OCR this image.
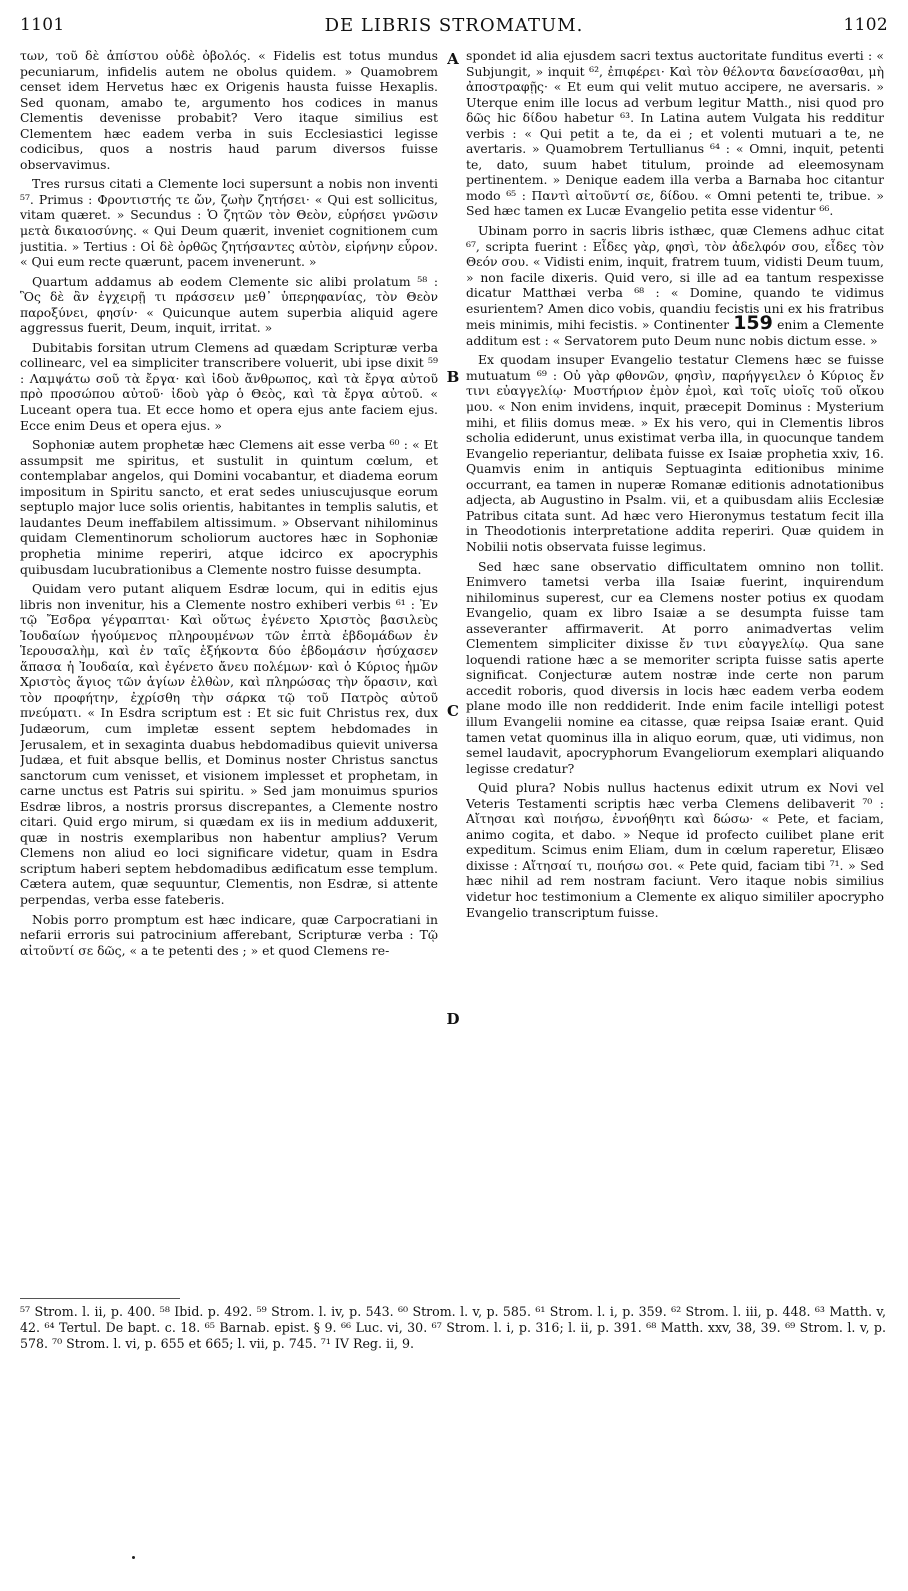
1101	DE LIBRIS STROMATUM.	1102

των, τοῦ δὲ ἀπίστου οὐδὲ ὀβολός. « Fidelis est totus mundus pecuniarum, infidelis autem ne obolus quidem. » Quamobrem censet idem Hervetus hæc ex Origenis hausta fuisse Hexaplis. Sed quonam, amabo te, argumento hos codices in manus Clementis devenisse probabit? Vero itaque similius est Clementem hæc eadem verba in suis Ecclesiastici legisse codicibus, quos a nostris haud parum diversos fuisse observavimus.

Tres rursus citati a Clemente loci supersunt a nobis non inventi ⁵⁷. Primus : Φροντιστής τε ὤν, ζωὴν ζητήσει· « Qui est sollicitus, vitam quæret. » Secundus : Ὁ ζητῶν τὸν Θεὸν, εὑρήσει γνῶσιν μετὰ δικαιοσύνης. « Qui Deum quærit, inveniet cognitionem cum justitia. » Tertius : Οἱ δὲ ὀρθῶς ζητήσαντες αὐτὸν, εἰρήνην εὗρον. « Qui eum recte quærunt, pacem invenerunt. »

Quartum addamus ab eodem Clemente sic alibi prolatum ⁵⁸ : Ὃς δὲ ἂν ἐγχειρῇ τι πράσσειν μεθ᾽ ὑπερηφανίας, τὸν Θεὸν παροξύνει, φησίν· « Quicunque autem superbia aliquid agere aggressus fuerit, Deum, inquit, irritat. »

Dubitabis forsitan utrum Clemens ad quædam Scripturæ verba collinearc, vel ea simpliciter transcribere voluerit, ubi ipse dixit ⁵⁹ : Λαμψάτω σοῦ τὰ ἔργα· καὶ ἰδοὺ ἄνθρωπος, καὶ τὰ ἔργα αὐτοῦ πρὸ προσώπου αὐτοῦ· ἰδοὺ γὰρ ὁ Θεὸς, καὶ τὰ ἔργα αὐτοῦ. « Luceant opera tua. Et ecce homo et opera ejus ante faciem ejus. Ecce enim Deus et opera ejus. »

Sophoniæ autem prophetæ hæc Clemens ait esse verba ⁶⁰ : « Et assumpsit me spiritus, et sustulit in quintum cœlum, et contemplabar angelos, qui Domini vocabantur, et diadema eorum impositum in Spiritu sancto, et erat sedes uniuscujusque eorum septuplo major luce solis orientis, habitantes in templis salutis, et laudantes Deum ineffabilem altissimum. » Observant nihilominus quidam Clementinorum scholiorum auctores hæc in Sophoniæ prophetia minime reperiri, atque idcirco ex apocryphis quibusdam lucubrationibus a Clemente nostro fuisse desumpta.

Quidam vero putant aliquem Esdræ locum, qui in editis ejus libris non invenitur, his a Clemente nostro exhiberi verbis ⁶¹ : Ἐν τῷ Ἔσδρα γέγραπται· Καὶ οὕτως ἐγένετο Χριστὸς βασιλεὺς Ἰουδαίων ἡγούμενος πληρουμένων τῶν ἑπτὰ ἑβδομάδων ἐν Ἱερουσαλὴμ, καὶ ἐν ταῖς ἑξήκοντα δύο ἑβδομάσιν ἡσύχασεν ἅπασα ἡ Ἰουδαία, καὶ ἐγένετο ἄνευ πολέμων· καὶ ὁ Κύριος ἡμῶν Χριστὸς ἅγιος τῶν ἁγίων ἐλθὼν, καὶ πληρώσας τὴν ὅρασιν, καὶ τὸν προφήτην, ἐχρίσθη τὴν σάρκα τῷ τοῦ Πατρὸς αὐτοῦ πνεύματι. « In Esdra scriptum est : Et sic fuit Christus rex, dux Judæorum, cum impletæ essent septem hebdomades in Jerusalem, et in sexaginta duabus hebdomadibus quievit universa Judæa, et fuit absque bellis, et Dominus noster Christus sanctus sanctorum cum venisset, et visionem implesset et prophetam, in carne unctus est Patris sui spiritu. » Sed jam monuimus spurios Esdræ libros, a nostris prorsus discrepantes, a Clemente nostro citari. Quid ergo mirum, si quædam ex iis in medium adduxerit, quæ in nostris exemplaribus non habentur amplius? Verum Clemens non aliud eo loci significare videtur, quam in Esdra scriptum haberi septem hebdomadibus ædificatum esse templum. Cætera autem, quæ sequuntur, Clementis, non Esdræ, si attente perpendas, verba esse fateberis.

Nobis porro promptum est hæc indicare, quæ Carpocratiani in nefarii erroris sui patrocinium afferebant, Scripturæ verba : Τῷ αἰτοῦντί σε δῶς, « a te petenti des ; » et quod Clemens re-

A
B
C
D

spondet id alia ejusdem sacri textus auctoritate funditus everti : « Subjungit, » inquit ⁶², ἐπιφέρει· Καὶ τὸν θέλοντα δανείσασθαι, μὴ ἀποστραφῇς· « Et eum qui velit mutuo accipere, ne aversaris. » Uterque enim ille locus ad verbum legitur Matth., nisi quod pro δῶς hic δίδου habetur ⁶³. In Latina autem Vulgata his redditur verbis : « Qui petit a te, da ei ; et volenti mutuari a te, ne avertaris. » Quamobrem Tertullianus ⁶⁴ : « Omni, inquit, petenti te, dato, suum habet titulum, proinde ad eleemosynam pertinentem. » Denique eadem illa verba a Barnaba hoc citantur modo ⁶⁵ : Παντὶ αἰτοῦντί σε, δίδου. « Omni petenti te, tribue. » Sed hæc tamen ex Lucæ Evangelio petita esse videntur ⁶⁶.

Ubinam porro in sacris libris isthæc, quæ Clemens adhuc citat ⁶⁷, scripta fuerint : Εἶδες γὰρ, φησὶ, τὸν ἀδελφόν σου, εἶδες τὸν Θεόν σου. « Vidisti enim, inquit, fratrem tuum, vidisti Deum tuum, » non facile dixeris. Quid vero, si ille ad ea tantum respexisse dicatur Matthæi verba ⁶⁸ : « Domine, quando te vidimus esurientem? Amen dico vobis, quandiu fecistis uni ex his fratribus meis minimis, mihi fecistis. » Continenter 159 enim a Clemente additum est : « Servatorem puto Deum nunc nobis dictum esse. »

Ex quodam insuper Evangelio testatur Clemens hæc se fuisse mutuatum ⁶⁹ : Οὐ γὰρ φθονῶν, φησὶν, παρήγγειλεν ὁ Κύριος ἔν τινι εὐαγγελίῳ· Μυστήριον ἐμὸν ἐμοὶ, καὶ τοῖς υἱοῖς τοῦ οἴκου μου. « Non enim invidens, inquit, præcepit Dominus : Mysterium mihi, et filiis domus meæ. » Ex his vero, qui in Clementis libros scholia ediderunt, unus existimat verba illa, in quocunque tandem Evangelio reperiantur, delibata fuisse ex Isaiæ prophetia xxiv, 16. Quamvis enim in antiquis Septuaginta editionibus minime occurrant, ea tamen in nuperæ Romanæ editionis adnotationibus adjecta, ab Augustino in Psalm. vii, et a quibusdam aliis Ecclesiæ Patribus citata sunt. Ad hæc vero Hieronymus testatum fecit illa in Theodotionis interpretatione addita reperiri. Quæ quidem in Nobilii notis observata fuisse legimus.

Sed hæc sane observatio difficultatem omnino non tollit. Enimvero tametsi verba illa Isaiæ fuerint, inquirendum nihilominus superest, cur ea Clemens noster potius ex quodam Evangelio, quam ex libro Isaiæ a se desumpta fuisse tam asseveranter affirmaverit. At porro animadvertas velim Clementem simpliciter dixisse ἔν τινι εὐαγγελίῳ. Qua sane loquendi ratione hæc a se memoriter scripta fuisse satis aperte significat. Conjecturæ autem nostræ inde certe non parum accedit roboris, quod diversis in locis hæc eadem verba eodem plane modo ille non reddiderit. Inde enim facile intelligi potest illum Evangelii nomine ea citasse, quæ reipsa Isaiæ erant. Quid tamen vetat quominus illa in aliquo eorum, quæ, uti vidimus, non semel laudavit, apocryphorum Evangeliorum exemplari aliquando legisse credatur?

Quid plura? Nobis nullus hactenus edixit utrum ex Novi vel Veteris Testamenti scriptis hæc verba Clemens delibaverit ⁷⁰ : Αἴτησαι καὶ ποιήσω, ἐννοήθητι καὶ δώσω· « Pete, et faciam, animo cogita, et dabo. » Neque id profecto cuilibet plane erit expeditum. Scimus enim Eliam, dum in cœlum raperetur, Elisæo dixisse : Αἴτησαί τι, ποιήσω σοι. « Pete quid, faciam tibi ⁷¹. » Sed hæc nihil ad rem nostram faciunt. Vero itaque nobis similius videtur hoc testimonium a Clemente ex aliquo simililer apocrypho Evangelio transcriptum fuisse.

⁵⁷ Strom. l. ii, p. 400. ⁵⁸ Ibid. p. 492. ⁵⁹ Strom. l. iv, p. 543. ⁶⁰ Strom. l. v, p. 585. ⁶¹ Strom. l. i, p. 359. ⁶² Strom. l. iii, p. 448. ⁶³ Matth. v, 42. ⁶⁴ Tertul. De bapt. c. 18. ⁶⁵ Barnab. epist. § 9. ⁶⁶ Luc. vi, 30. ⁶⁷ Strom. l. i, p. 316; l. ii, p. 391. ⁶⁸ Matth. xxv, 38, 39. ⁶⁹ Strom. l. v, p. 578. ⁷⁰ Strom. l. vi, p. 655 et 665; l. vii, p. 745. ⁷¹ IV Reg. ii, 9.
